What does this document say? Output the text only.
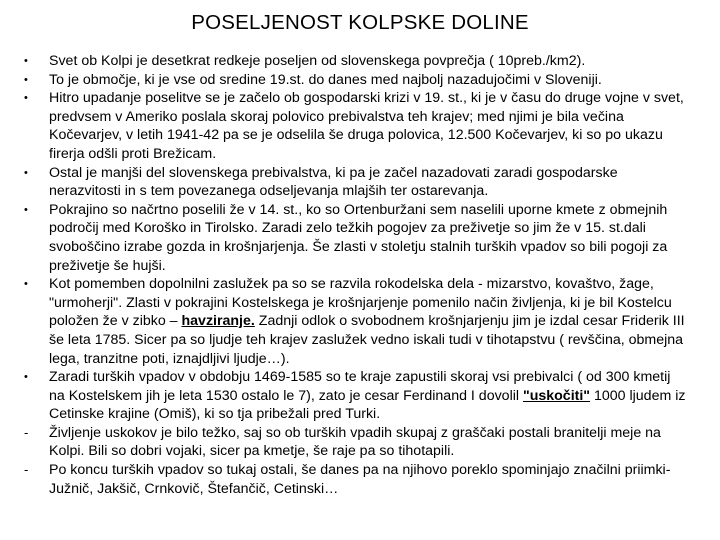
POSELJENOST KOLPSKE DOLINE
• Svet ob Kolpi je desetkrat redkeje poseljen od slovenskega povprečja ( 10preb./km2).

• To je območje, ki je vse od sredine 19.st. do danes med najbolj nazadujočimi v Sloveniji.

• Hitro upadanje poselitve se je začelo ob gospodarski krizi v 19. st., ki je v času do druge vojne v svet, predvsem v Ameriko poslala skoraj polovico prebivalstva teh krajev; med njimi je bila večina Kočevarjev, v letih 1941-42 pa se je odselila še druga polovica, 12.500 Kočevarjev, ki so po ukazu firerja odšli proti Brežicam.

• Ostal je manjši del slovenskega prebivalstva, ki pa je začel nazadovati zaradi gospodarske nerazvitosti in s tem povezanega odseljevanja mlajših ter ostarevanja.

• Pokrajino so načrtno poselili že v 14. st., ko so Ortenburžani sem naselili uporne kmete z obmejnih področij med Koroško in Tirolsko. Zaradi zelo težkih pogojev za preživetje so jim že v 15. st.dali svoboščino izrabe gozda in krošnjarjenja. Še zlasti v stoletju stalnih turških vpadov so bili pogoji za preživetje še hujši.

• Kot pomemben dopolnilni zaslužek pa so se razvila rokodelska dela - mizarstvo, kovaštvo, žage, "urmoherji". Zlasti v pokrajini Kostelskega je krošnjarjenje pomenilo način življenja, ki je bil Kostelcu položen že v zibko – havziranje. Zadnji odlok o svobodnem krošnjarjenju jim je izdal cesar Friderik III še leta 1785. Sicer pa so ljudje teh krajev zaslužek vedno iskali tudi v tihotapstvu ( revščina, obmejna lega, tranzitne poti, iznajdljivi ljudje…).

• Zaradi turških vpadov v obdobju 1469-1585 so te kraje zapustili skoraj vsi prebivalci ( od 300 kmetij na Kostelskem jih je leta 1530 ostalo le 7), zato je cesar Ferdinand I dovolil "uskočiti" 1000 ljudem iz Cetinske krajine (Omiš), ki so tja pribežali pred Turki.

- Življenje uskokov je bilo težko, saj so ob turških vpadih skupaj z graščaki postali branitelji meje na Kolpi. Bili so dobri vojaki, sicer pa kmetje, še raje pa so tihotapili.

- Po koncu turških vpadov so tukaj ostali, še danes pa na njihovo poreklo spominjajo značilni priimki- Južnič, Jakšič, Crnkovič, Štefančič, Cetinski…
